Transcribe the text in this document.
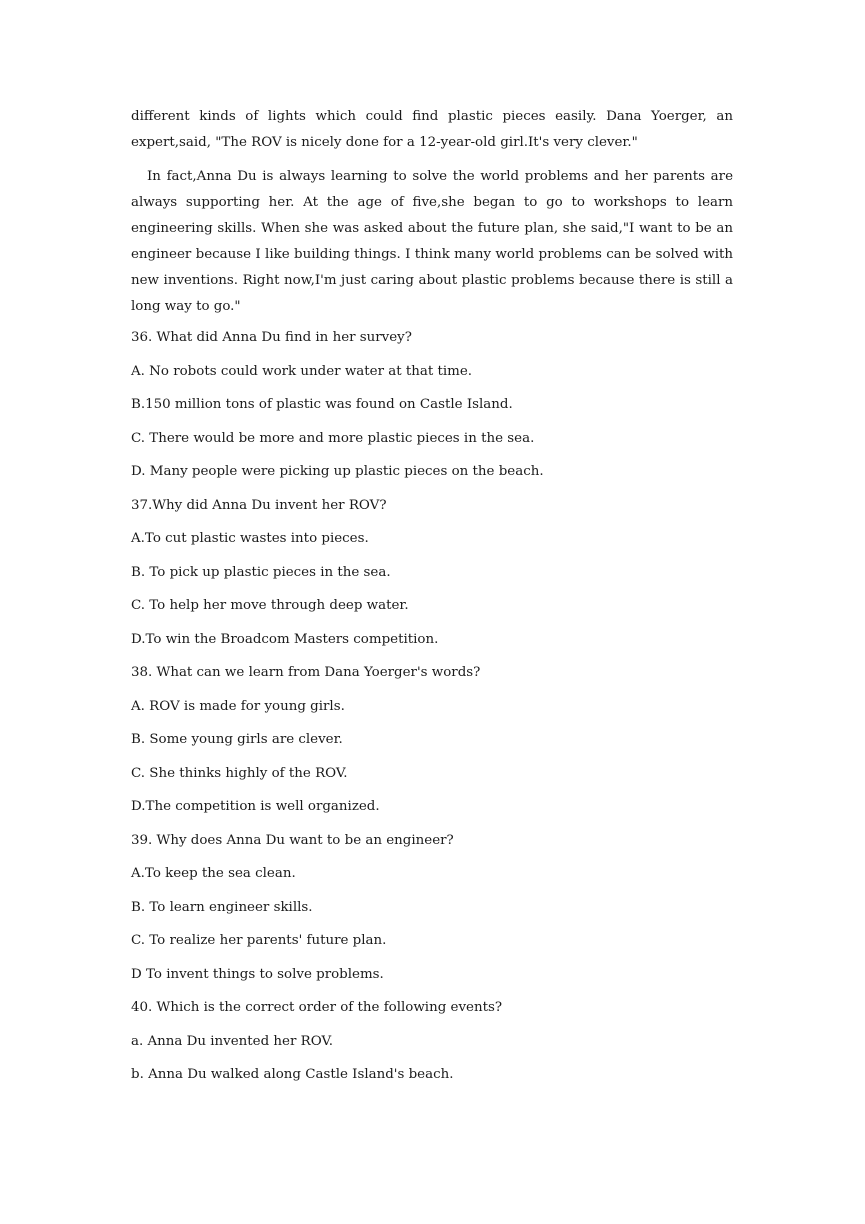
different kinds of lights which could find plastic pieces easily. Dana Yoerger, an expert,said, "The ROV is nicely done for a 12-year-old girl.It's very clever."

In fact,Anna Du is always learning to solve the world problems and her parents are always supporting her. At the age of five,she began to go to workshops to learn engineering skills. When she was asked about the future plan, she said,"I want to be an engineer because I like building things. I think many world problems can be solved with new inventions. Right now,I'm just caring about plastic problems because there is still a long way to go."

36. What did Anna Du find in her survey?

A. No robots could work under water at that time.

B.150 million tons of plastic was found on Castle Island.

C. There would be more and more plastic pieces in the sea.

D. Many people were picking up plastic pieces on the beach.

37.Why did Anna Du invent her ROV?

A.To cut plastic wastes into pieces.

B. To pick up plastic pieces in the sea.

C. To help her move through deep water.

D.To win the Broadcom Masters competition.

38. What can we learn from Dana Yoerger's words?

A. ROV is made for young girls.

B. Some young girls are clever.

C. She thinks highly of the ROV.

D.The competition is well organized.

39. Why does Anna Du want to be an engineer?

A.To keep the sea clean.

B. To learn engineer skills.

C. To realize her parents' future plan.

D To invent things to solve problems.

40. Which is the correct order of the following events?

a. Anna Du invented her ROV.

b. Anna Du walked along Castle Island's beach.
